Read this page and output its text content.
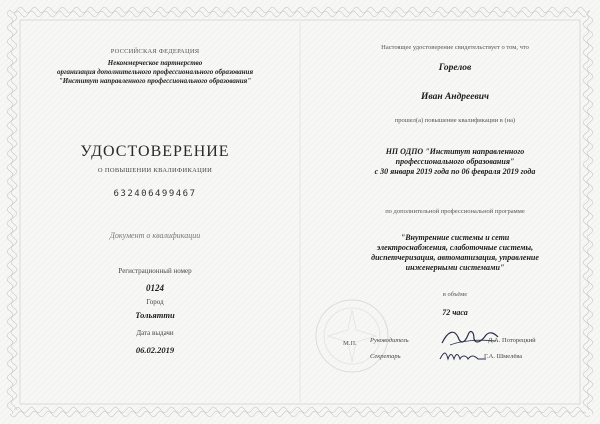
РОССИЙСКАЯ ФЕДЕРАЦИЯ
Некоммерческое партнерство
организация дополнительного профессионального образования
"Институт направленного профессионального образования"
УДОСТОВЕРЕНИЕ
О ПОВЫШЕНИИ КВАЛИФИКАЦИИ
632406499467
Документ о квалификации
Регистрационный номер
0124
Город
Тольятти
Дата выдачи
06.02.2019
Настоящее удостоверение свидетельствует о том, что
Горелов
Иван Андреевич
прошел(а) повышение квалификации в (на)
НП ОДПО "Институт направленного
профессионального образования"
с 30 января 2019 года по 06 февраля 2019 года
по дополнительной профессиональной программе
"Внутренние системы и сети
электроснабжения, слаботочные системы,
диспетчеризация, автоматизация, управление
инженерными системами"
в объёме
72 часа
М.П. Руководитель	Д.А. Поторецкий
Секретарь	Г.А. Шмелёва
